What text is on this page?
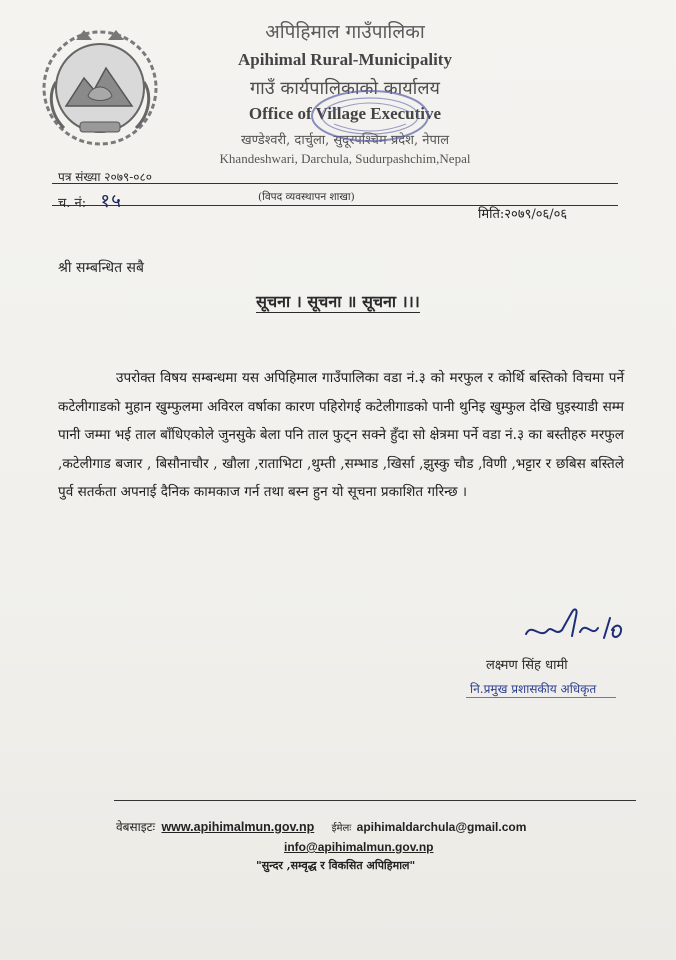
अपिहिमाल गाउँपालिका
Apihimal Rural-Municipality
गाउँ कार्यपालिकाको कार्यालय
Office of Village Executive
खण्डेश्वरी, दार्चुला, सुदूरपश्चिम प्रदेश, नेपाल
Khandeshwari, Darchula, Sudurpashchim,Nepal
पत्र संख्या २०७९-०८०
च. नं: १५	(विपद व्यवस्थापन शाखा)
मिति:२०७९/०६/०६
श्री सम्बन्धित सबै
सूचना । सूचना ॥ सूचना ।।।
उपरोक्त विषय सम्बन्धमा यस अपिहिमाल गाउँपालिका वडा नं.३ को मरफुल र कोर्थि बस्तिको विचमा पर्ने कटेलीगाडको मुहान खुम्फुलमा अविरल वर्षाका कारण पहिरोगई कटेलीगाडको पानी थुनिइ खुम्फुल देखि घुइस्याडी सम्म पानी जम्मा भई ताल बाँधिएकोले जुनसुके बेला पनि ताल फुट्न सक्ने हुँदा सो क्षेत्रमा पर्ने वडा नं.३ का बस्तीहरु मरफुल ,कटेलीगाड बजार , बिसौनाचौर , खौला ,राताभिटा ,थुम्ती ,सम्भाड ,खिर्सा ,झुस्कु चौड ,विणी ,भट्टार र छबिस बस्तिले पुर्व सतर्कता अपनाई दैनिक कामकाज गर्न तथा बस्न हुन यो सूचना प्रकाशित गरिन्छ ।
लक्ष्मण सिंह धामी
नि.प्रमुख प्रशासकीय अधिकृत
वेबसाइटः www.apihimalmun.gov.np ईमेलः apihimaldarchula@gmail.com
info@apihimalmun.gov.np
"सुन्दर ,सम्वृद्ध र विकसित अपिहिमाल"
